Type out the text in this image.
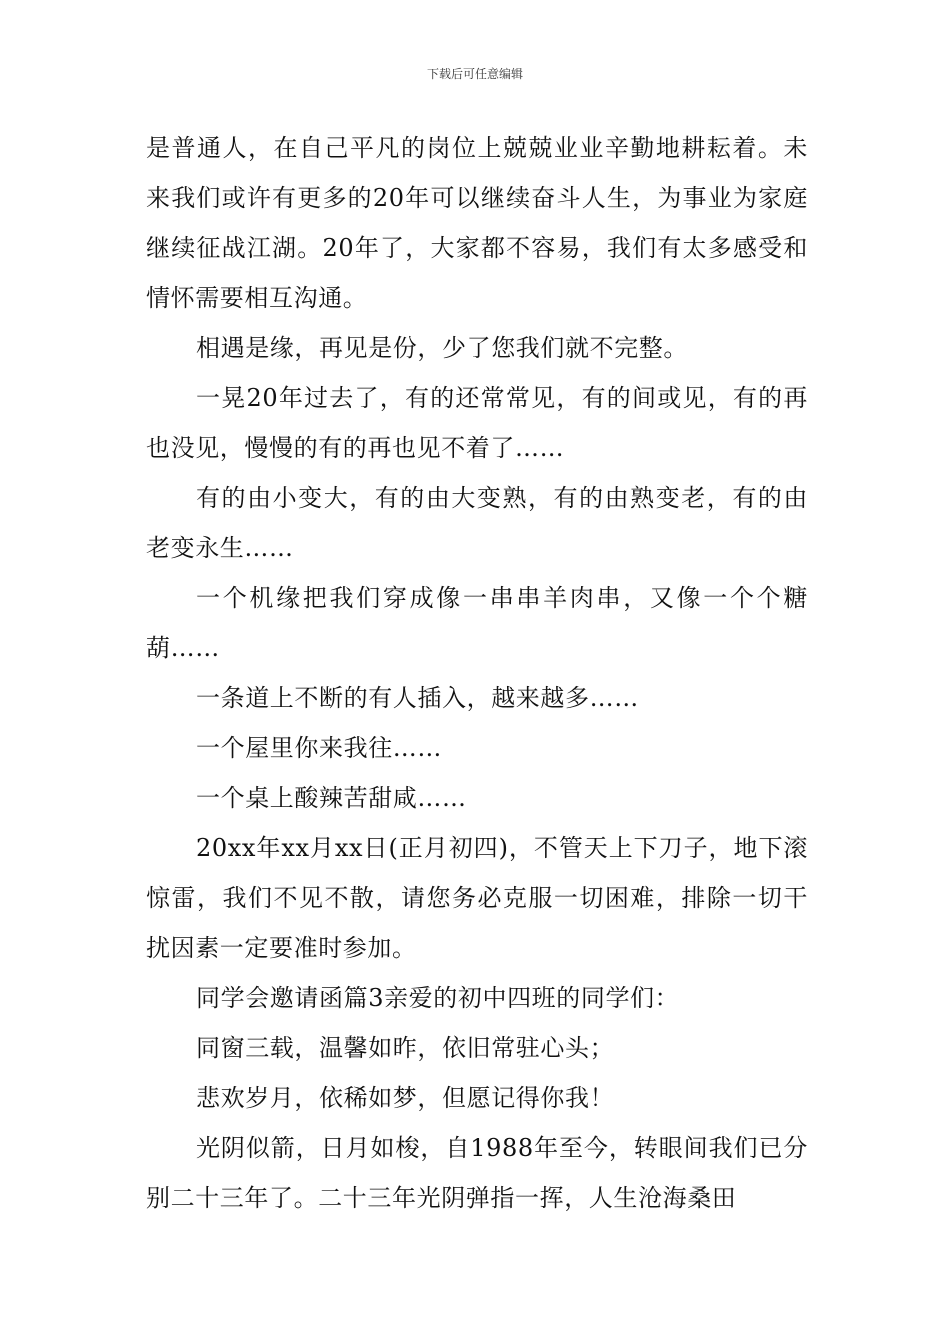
下载后可任意编辑

是普通人，在自己平凡的岗位上兢兢业业辛勤地耕耘着。未来我们或许有更多的20年可以继续奋斗人生，为事业为家庭继续征战江湖。20年了，大家都不容易，我们有太多感受和情怀需要相互沟通。

相遇是缘，再见是份，少了您我们就不完整。

一晃20年过去了，有的还常常见，有的间或见，有的再也没见，慢慢的有的再也见不着了……

有的由小变大，有的由大变熟，有的由熟变老，有的由老变永生……

一个机缘把我们穿成像一串串羊肉串，又像一个个糖葫……

一条道上不断的有人插入，越来越多……

一个屋里你来我往……

一个桌上酸辣苦甜咸……

20xx年xx月xx日(正月初四)，不管天上下刀子，地下滚惊雷，我们不见不散，请您务必克服一切困难，排除一切干扰因素一定要准时参加。

同学会邀请函篇3亲爱的初中四班的同学们：

同窗三载，温馨如昨，依旧常驻心头；

悲欢岁月，依稀如梦，但愿记得你我！

光阴似箭，日月如梭，自1988年至今，转眼间我们已分别二十三年了。二十三年光阴弹指一挥，人生沧海桑田
